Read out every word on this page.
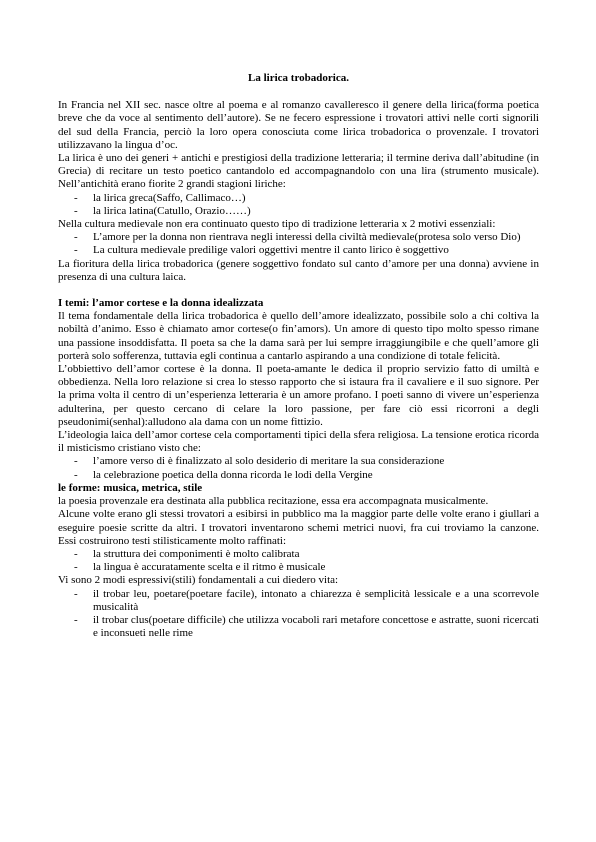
La lirica trobadorica.

In Francia nel XII sec. nasce oltre al poema e al romanzo cavalleresco il genere della lirica(forma poetica breve che da voce al sentimento dell’autore). Se ne fecero espressione i trovatori attivi nelle corti signorili del sud della Francia, perciò la loro opera conosciuta come lirica trobadorica o provenzale. I trovatori utilizzavano la lingua d’oc.

La lirica è uno dei generi + antichi e prestigiosi della tradizione letteraria; il termine deriva dall’abitudine (in Grecia) di recitare un testo poetico cantandolo ed accompagnandolo con una lira (strumento musicale). Nell’antichità erano fiorite 2 grandi stagioni liriche:

- la lirica greca(Saffo, Callimaco…)
- la lirica latina(Catullo, Orazio……)

Nella cultura medievale non era continuato questo tipo di tradizione letteraria x 2 motivi essenziali:

- L’amore per la donna non rientrava negli interessi della civiltà medievale(protesa solo verso Dio)
- La cultura medievale predilige valori oggettivi mentre il canto lirico è soggettivo

La fioritura della lirica trobadorica (genere soggettivo fondato sul canto d’amore per una donna) avviene in presenza di una cultura laica.

I temi: l’amor cortese e la donna idealizzata

Il tema fondamentale della lirica trobadorica è quello dell’amore idealizzato, possibile solo a chi coltiva la nobiltà d’animo. Esso è chiamato amor cortese(o fin’amors). Un amore di questo tipo molto spesso rimane una passione insoddisfatta. Il poeta sa che la dama sarà per lui sempre irraggiungibile e che quell’amore gli porterà solo sofferenza, tuttavia egli continua a cantarlo aspirando a una condizione di totale felicità.

L’obbiettivo dell’amor cortese è la donna. Il poeta-amante le dedica il proprio servizio fatto di umiltà e obbedienza. Nella loro relazione si crea lo stesso rapporto che si istaura fra il cavaliere e il suo signore. Per la prima volta il centro di un’esperienza letteraria è un amore profano. I poeti sanno di vivere un’esperienza adulterina, per questo cercano di celare la loro passione, per fare ciò essi ricorroni a degli pseudonimi(senhal):alludono ala dama con un nome fittizio.

L’ideologia laica dell’amor cortese cela comportamenti tipici della sfera religiosa. La tensione erotica ricorda il misticismo cristiano visto che:

- l’amore verso di è finalizzato al solo desiderio di meritare la sua considerazione
- la celebrazione poetica della donna ricorda le lodi della Vergine
le forme: musica, metrica, stile

la poesia provenzale era destinata alla pubblica recitazione, essa era accompagnata musicalmente.

Alcune volte erano gli stessi trovatori a esibirsi in pubblico ma la maggior parte delle volte erano i giullari a eseguire poesie scritte da altri. I trovatori inventarono schemi metrici nuovi, fra cui troviamo la canzone. Essi costruirono testi stilisticamente molto raffinati:

- la struttura dei componimenti è molto calibrata
- la lingua è accuratamente scelta e il ritmo è musicale

Vi sono 2 modi espressivi(stili) fondamentali a cui diedero vita:

- il trobar leu, poetare(poetare facile), intonato a chiarezza è semplicità lessicale e a una scorrevole musicalità
- il trobar clus(poetare difficile) che utilizza vocaboli rari metafore concettose e astratte, suoni ricercati e inconsueti nelle rime
